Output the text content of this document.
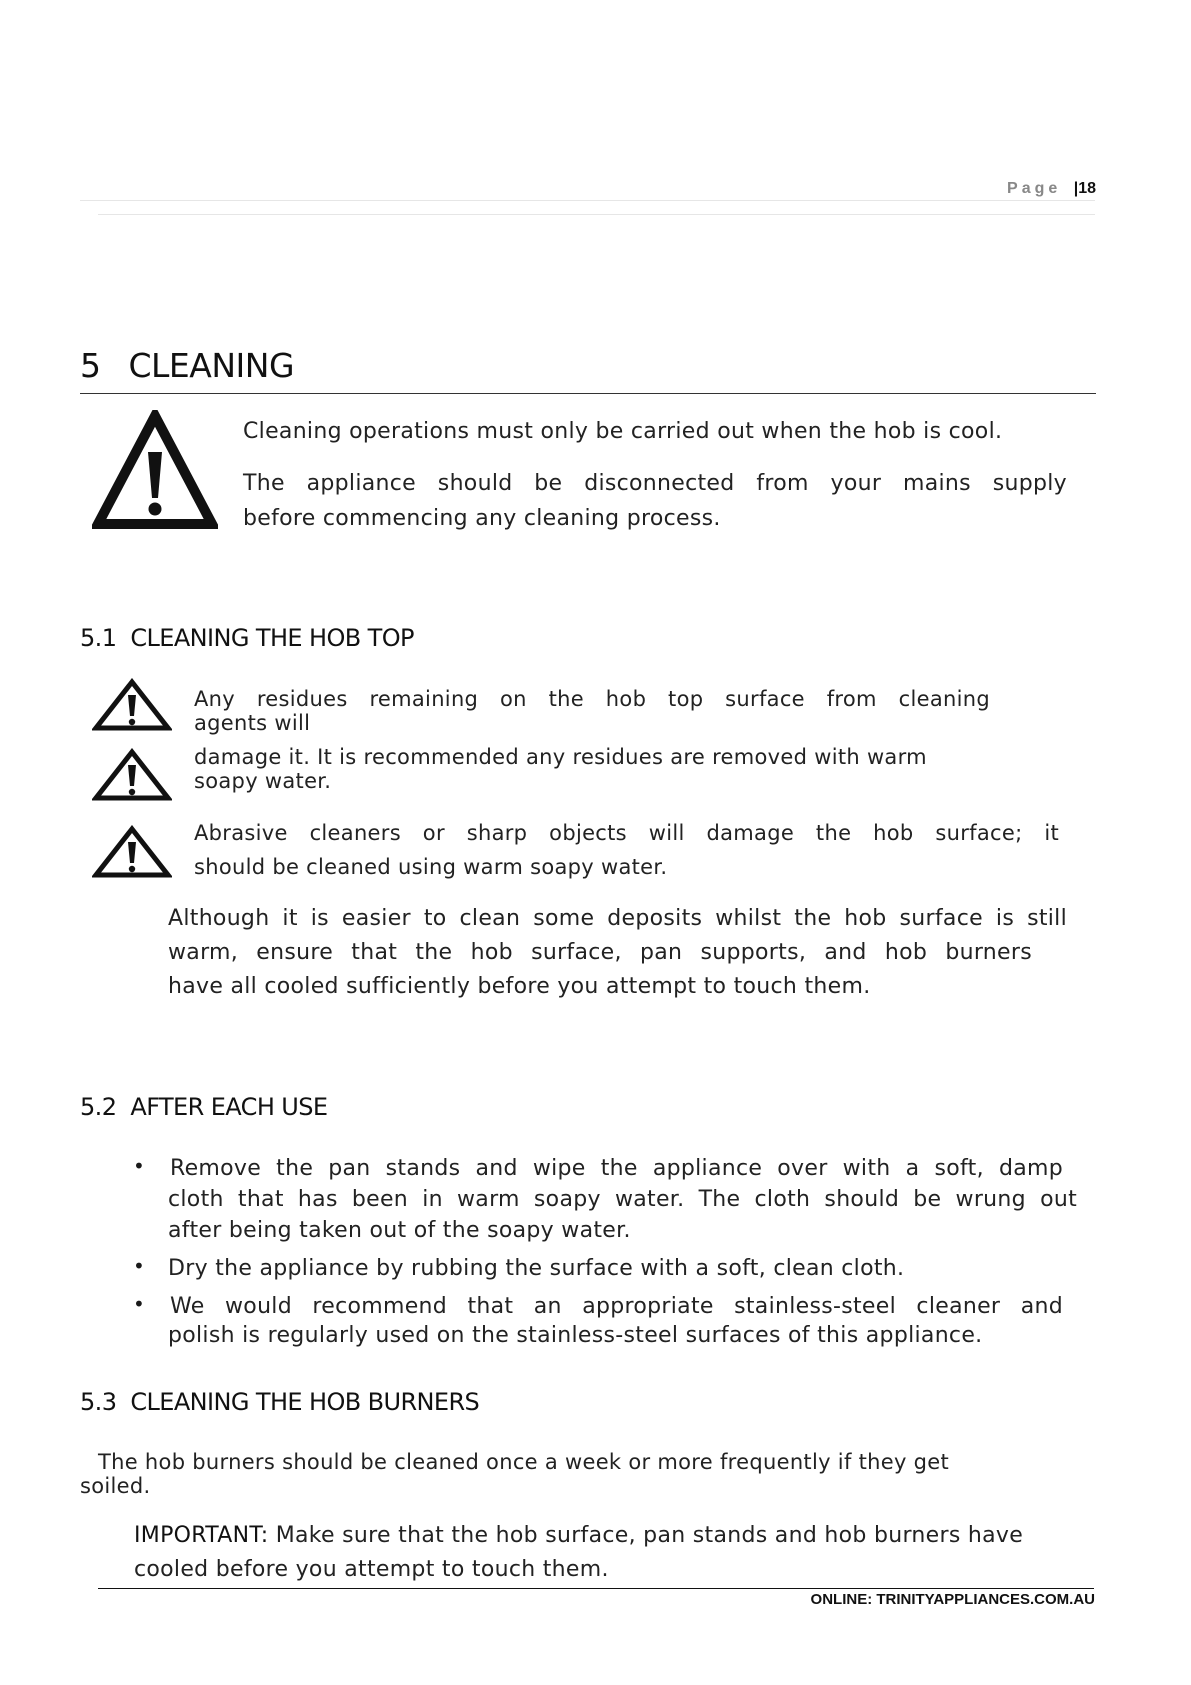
Page |18
5 CLEANING
Cleaning operations must only be carried out when the hob is cool.
The appliance should be disconnected from your mains supply
before commencing any cleaning process.
5.1 CLEANING THE HOB TOP
Any residues remaining on the hob top surface from cleaning
agents will
damage it. It is recommended any residues are removed with warm
soapy water.
Abrasive cleaners or sharp objects will damage the hob surface; it
should be cleaned using warm soapy water.
Although it is easier to clean some deposits whilst the hob surface is still
warm, ensure that the hob surface, pan supports, and hob burners
have all cooled sufficiently before you attempt to touch them.
5.2 AFTER EACH USE
• Remove the pan stands and wipe the appliance over with a soft, damp
cloth that has been in warm soapy water. The cloth should be wrung out
after being taken out of the soapy water.
• Dry the appliance by rubbing the surface with a soft, clean cloth.
• We would recommend that an appropriate stainless-steel cleaner and
polish is regularly used on the stainless-steel surfaces of this appliance.
5.3 CLEANING THE HOB BURNERS
The hob burners should be cleaned once a week or more frequently if they get
soiled.
IMPORTANT: Make sure that the hob surface, pan stands and hob burners have
cooled before you attempt to touch them.
ONLINE: TRINITYAPPLIANCES.COM.AU
